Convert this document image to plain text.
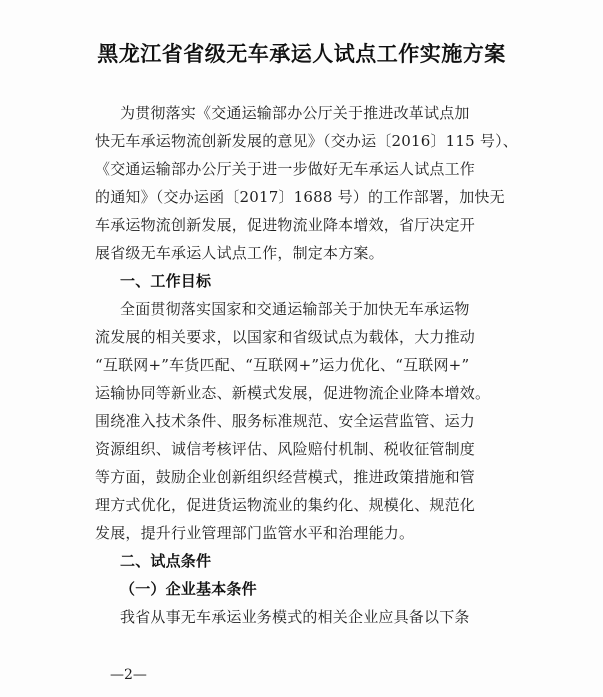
黑龙江省省级无车承运人试点工作实施方案
为贯彻落实《交通运输部办公厅关于推进改革试点加
快无车承运物流创新发展的意见》（交办运〔2016〕115 号）、
《交通运输部办公厅关于进一步做好无车承运人试点工作
的通知》（交办运函〔2017〕1688 号）的工作部署，加快无
车承运物流创新发展，促进物流业降本增效，省厅决定开
展省级无车承运人试点工作，制定本方案。
一、工作目标
全面贯彻落实国家和交通运输部关于加快无车承运物
流发展的相关要求，以国家和省级试点为载体，大力推动
“互联网+”车货匹配、“互联网+”运力优化、“互联网+”
运输协同等新业态、新模式发展，促进物流企业降本增效。
围绕准入技术条件、服务标准规范、安全运营监管、运力
资源组织、诚信考核评估、风险赔付机制、税收征管制度
等方面，鼓励企业创新组织经营模式，推进政策措施和管
理方式优化，促进货运物流业的集约化、规模化、规范化
发展，提升行业管理部门监管水平和治理能力。
二、试点条件
（一）企业基本条件
我省从事无车承运业务模式的相关企业应具备以下条
—2—
